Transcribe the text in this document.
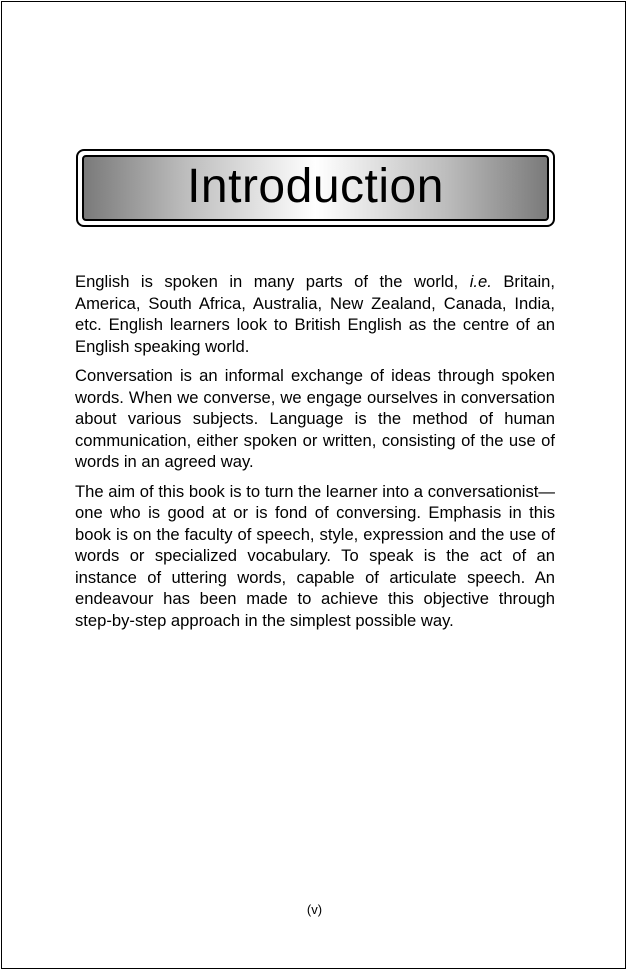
Introduction

English is spoken in many parts of the world, i.e. Britain, America, South Africa, Australia, New Zealand, Canada, India, etc. English learners look to British English as the centre of an English speaking world.

Conversation is an informal exchange of ideas through spoken words. When we converse, we engage ourselves in conversation about various subjects. Language is the method of human communication, either spoken or written, consisting of the use of words in an agreed way.

The aim of this book is to turn the learner into a conversationist—one who is good at or is fond of conversing. Emphasis in this book is on the faculty of speech, style, expression and the use of words or specialized vocabulary. To speak is the act of an instance of uttering words, capable of articulate speech. An endeavour has been made to achieve this objective through step-by-step approach in the simplest possible way.

(v)
